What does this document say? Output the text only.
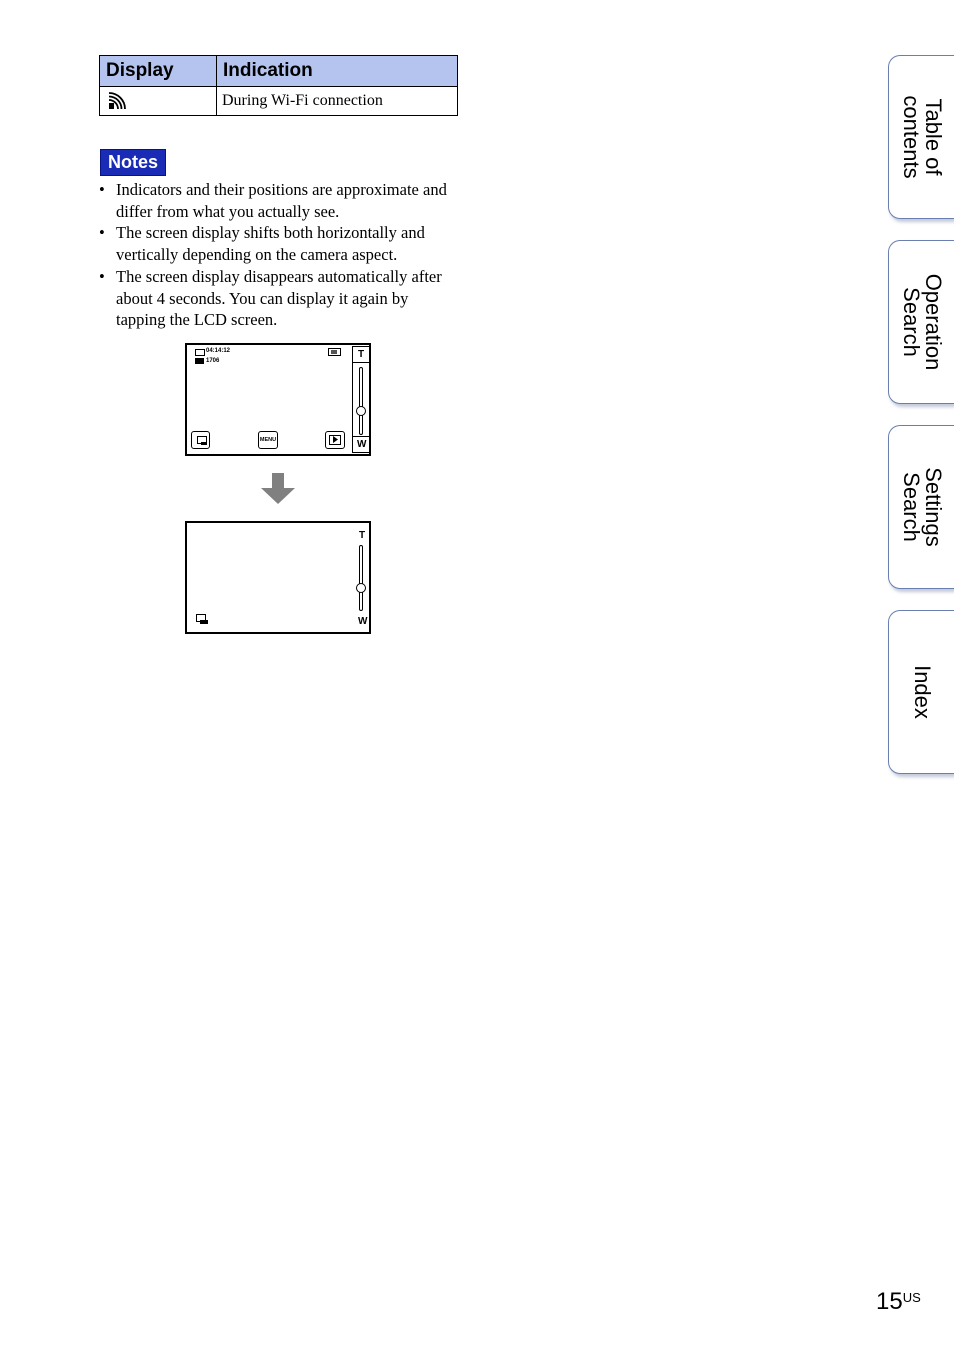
Display	Indication

	During Wi-Fi connection
Notes
• Indicators and their positions are approximate and differ from what you actually see.
• The screen display shifts both horizontally and vertically depending on the camera aspect.
• The screen display disappears automatically after about 4 seconds. You can display it again by tapping the LCD screen.
04:14:12
1706
T
W
MENU
T
W
Table of
contents
Operation
Search
Settings
Search
Index
$15^{US}$
